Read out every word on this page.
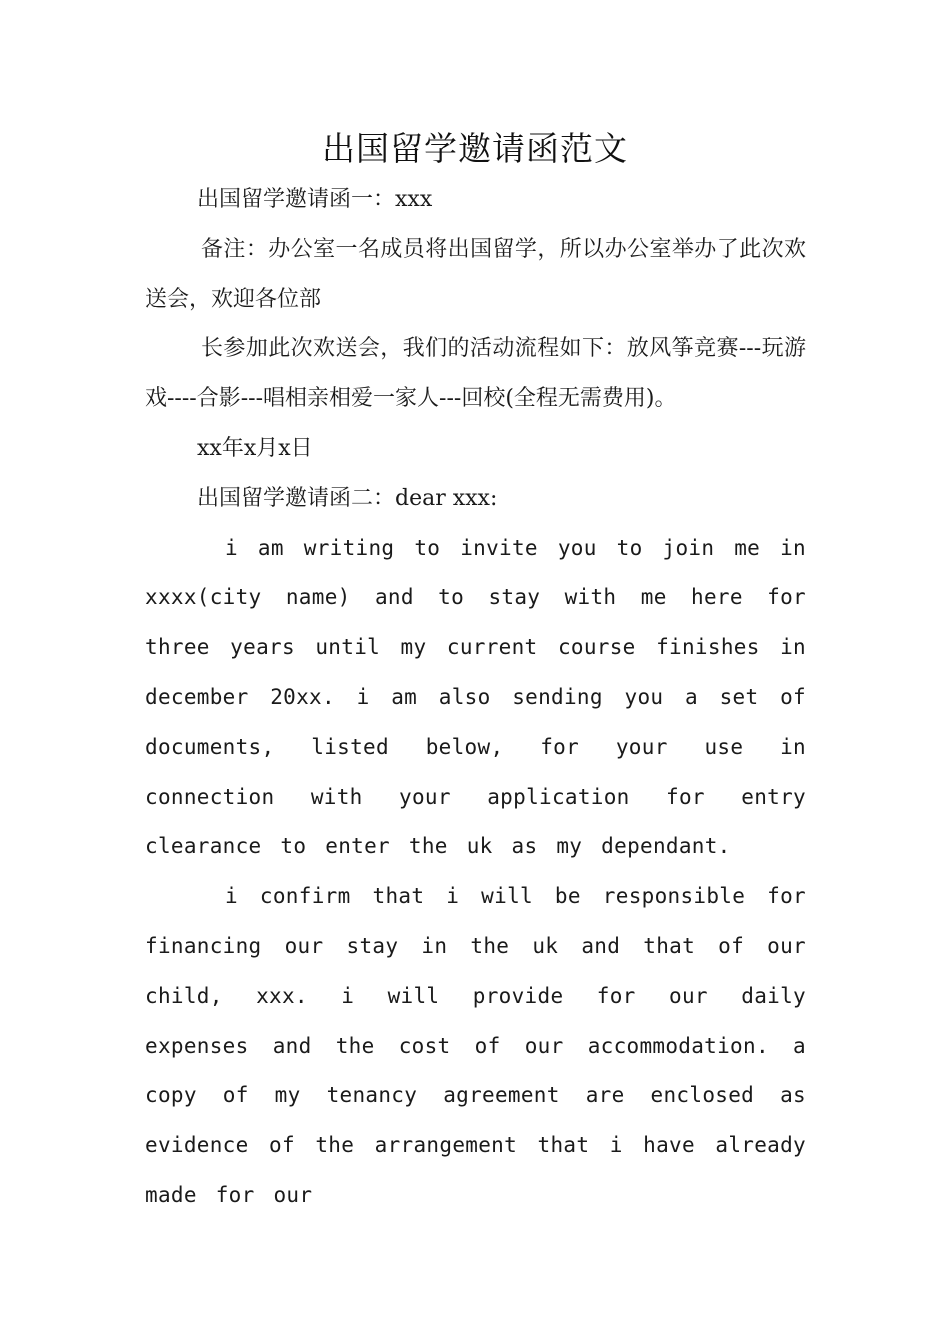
出国留学邀请函范文

出国留学邀请函一：xxx

备注：办公室一名成员将出国留学，所以办公室举办了此次欢送会，欢迎各位部

长参加此次欢送会，我们的活动流程如下：放风筝竞赛---玩游戏----合影---唱相亲相爱一家人---回校(全程无需费用)。

xx年x月x日

出国留学邀请函二：dear xxx:

i am writing to invite you to join me in xxxx(city name) and to stay with me here for three years until my current course finishes in december 20xx. i am also sending you a set of documents, listed below, for your use in connection with your application for entry clearance to enter the uk as my dependant.

i confirm that i will be responsible for financing our stay in the uk and that of our child, xxx. i will provide for our daily expenses and the cost of our accommodation. a copy of my tenancy agreement are enclosed as evidence of the arrangement that i have already made for our
